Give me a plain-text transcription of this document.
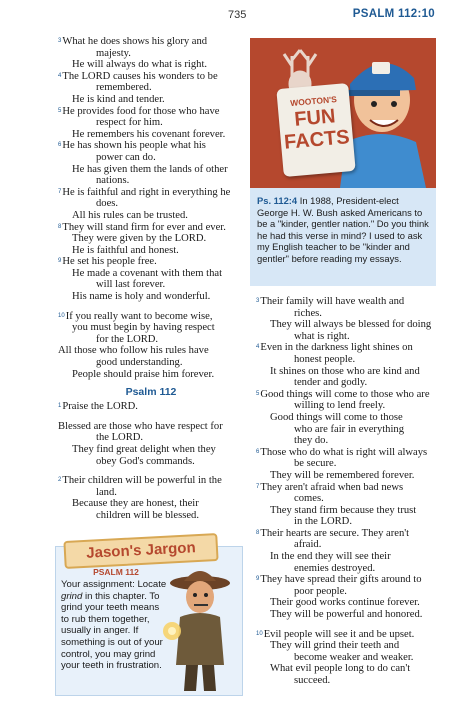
735	PSALM 112:10
$^3$What he does shows his glory and
majesty.
He will always do what is right.
$^4$The LORD causes his wonders to be
remembered.
He is kind and tender.
$^5$He provides food for those who have
respect for him.
He remembers his covenant forever.
$^6$He has shown his people what his
power can do.
He has given them the lands of other
nations.
$^7$He is faithful and right in everything he
does.
All his rules can be trusted.
$^8$They will stand firm for ever and ever.
They were given by the LORD.
He is faithful and honest.
$^9$He set his people free.
He made a covenant with them that
will last forever.
His name is holy and wonderful.
$^{10}$If you really want to become wise,
you must begin by having respect
for the LORD.
All those who follow his rules have
good understanding.
People should praise him forever.
Psalm 112
$^1$Praise the LORD.
Blessed are those who have respect for
the LORD.
They find great delight when they
obey God's commands.
$^2$Their children will be powerful in the
land.
Because they are honest, their
children will be blessed.
$^3$Their family will have wealth and
riches.
They will always be blessed for doing
what is right.
$^4$Even in the darkness light shines on
honest people.
It shines on those who are kind and
tender and godly.
$^5$Good things will come to those who are
willing to lend freely.
Good things will come to those
who are fair in everything
they do.
$^6$Those who do what is right will always
be secure.
They will be remembered forever.
$^7$They aren't afraid when bad news
comes.
They stand firm because they trust
in the LORD.
$^8$Their hearts are secure. They aren't
afraid.
In the end they will see their
enemies destroyed.
$^9$They have spread their gifts around to
poor people.
Their good works continue forever.
They will be powerful and honored.
$^{10}$Evil people will see it and be upset.
They will grind their teeth and
become weaker and weaker.
What evil people long to do can't
succeed.
WOOTON'S
FUN
FACTS

Ps. 112:4 In 1988, President-elect George H. W. Bush asked Americans to be a "kinder, gentler nation." Do you think he had this verse in mind? I used to ask my English teacher to be "kinder and gentler" before reading my essays.

Jason's Jargon
PSALM 112

Your assignment: Locate grind in this chapter. To grind your teeth means to rub them together, usually in anger. If something is out of your control, you may grind your teeth in frustration.
